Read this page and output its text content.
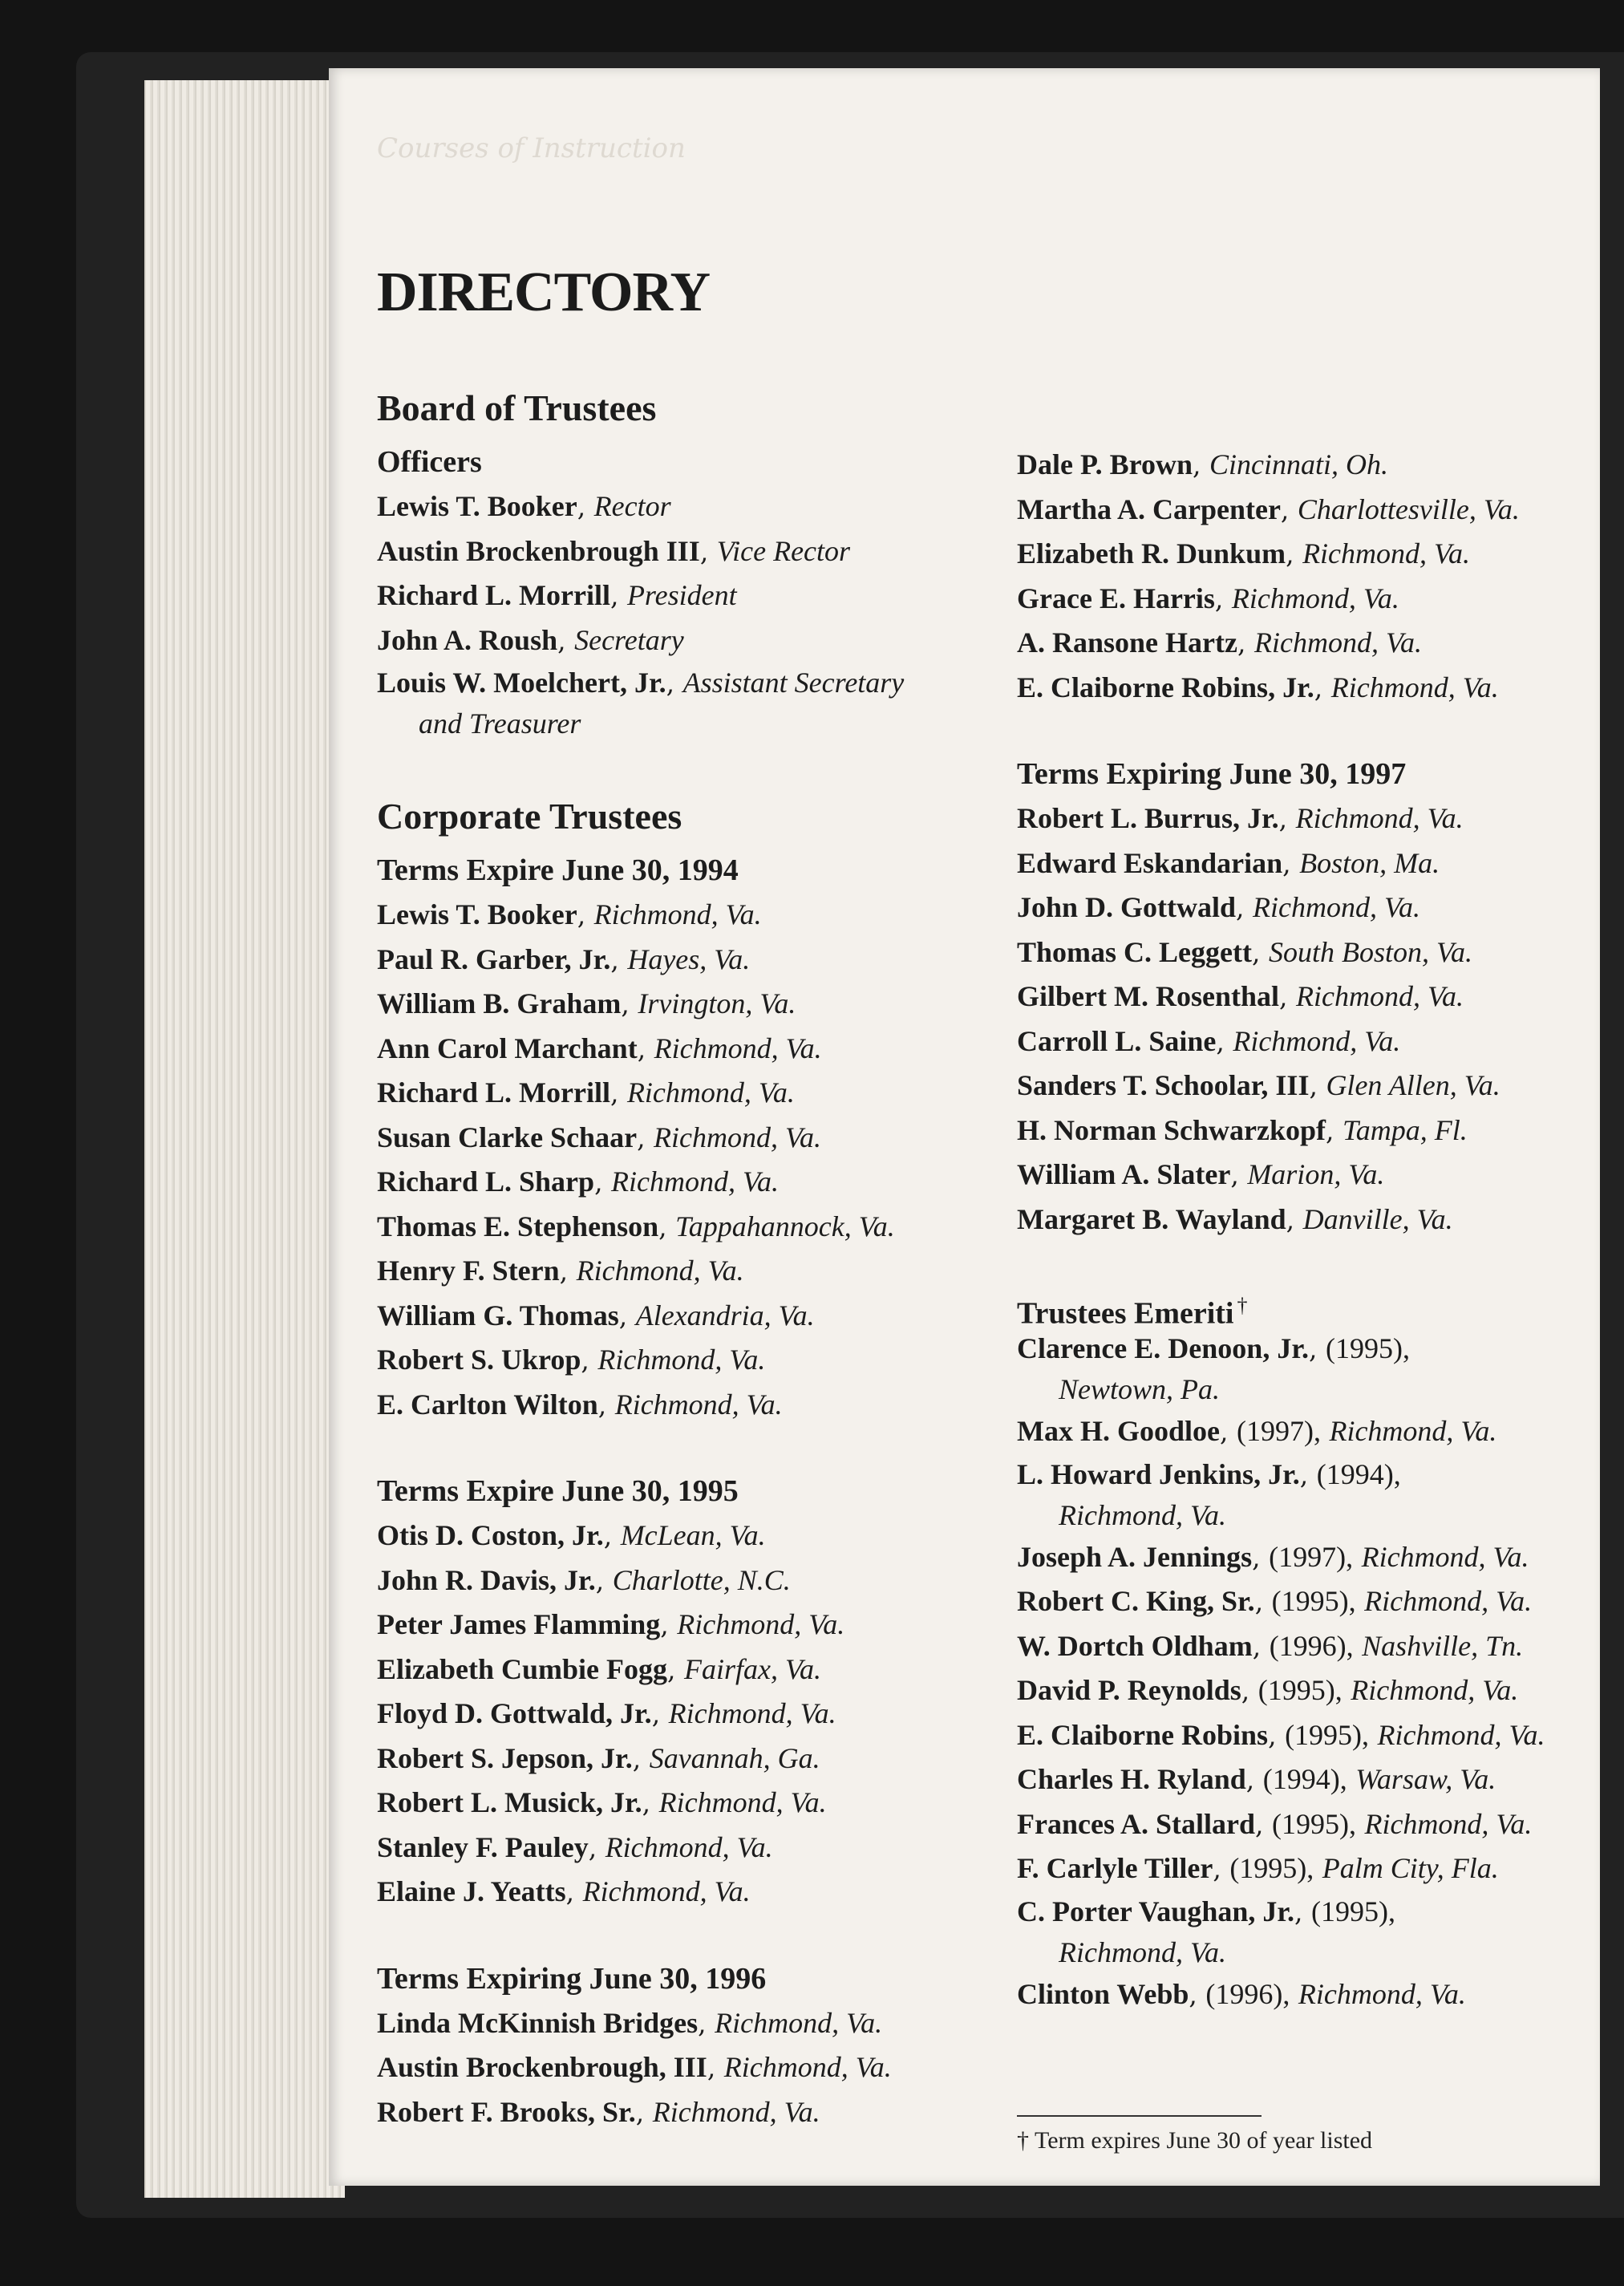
Courses of Instruction
DIRECTORY
Board of Trustees
Officers
Lewis T. Booker, Rector
Austin Brockenbrough III, Vice Rector
Richard L. Morrill, President
John A. Roush, Secretary
Louis W. Moelchert, Jr., Assistant Secretary
and Treasurer
Corporate Trustees
Terms Expire June 30, 1994
Lewis T. Booker, Richmond, Va.
Paul R. Garber, Jr., Hayes, Va.
William B. Graham, Irvington, Va.
Ann Carol Marchant, Richmond, Va.
Richard L. Morrill, Richmond, Va.
Susan Clarke Schaar, Richmond, Va.
Richard L. Sharp, Richmond, Va.
Thomas E. Stephenson, Tappahannock, Va.
Henry F. Stern, Richmond, Va.
William G. Thomas, Alexandria, Va.
Robert S. Ukrop, Richmond, Va.
E. Carlton Wilton, Richmond, Va.
Terms Expire June 30, 1995
Otis D. Coston, Jr., McLean, Va.
John R. Davis, Jr., Charlotte, N.C.
Peter James Flamming, Richmond, Va.
Elizabeth Cumbie Fogg, Fairfax, Va.
Floyd D. Gottwald, Jr., Richmond, Va.
Robert S. Jepson, Jr., Savannah, Ga.
Robert L. Musick, Jr., Richmond, Va.
Stanley F. Pauley, Richmond, Va.
Elaine J. Yeatts, Richmond, Va.
Terms Expiring June 30, 1996
Linda McKinnish Bridges, Richmond, Va.
Austin Brockenbrough, III, Richmond, Va.
Robert F. Brooks, Sr., Richmond, Va.
Dale P. Brown, Cincinnati, Oh.
Martha A. Carpenter, Charlottesville, Va.
Elizabeth R. Dunkum, Richmond, Va.
Grace E. Harris, Richmond, Va.
A. Ransone Hartz, Richmond, Va.
E. Claiborne Robins, Jr., Richmond, Va.
Terms Expiring June 30, 1997
Robert L. Burrus, Jr., Richmond, Va.
Edward Eskandarian, Boston, Ma.
John D. Gottwald, Richmond, Va.
Thomas C. Leggett, South Boston, Va.
Gilbert M. Rosenthal, Richmond, Va.
Carroll L. Saine, Richmond, Va.
Sanders T. Schoolar, III, Glen Allen, Va.
H. Norman Schwarzkopf, Tampa, Fl.
William A. Slater, Marion, Va.
Margaret B. Wayland, Danville, Va.
Trustees Emeriti †
Clarence E. Denoon, Jr., (1995),
Newtown, Pa.
Max H. Goodloe, (1997), Richmond, Va.
L. Howard Jenkins, Jr., (1994),
Richmond, Va.
Joseph A. Jennings, (1997), Richmond, Va.
Robert C. King, Sr., (1995), Richmond, Va.
W. Dortch Oldham, (1996), Nashville, Tn.
David P. Reynolds, (1995), Richmond, Va.
E. Claiborne Robins, (1995), Richmond, Va.
Charles H. Ryland, (1994), Warsaw, Va.
Frances A. Stallard, (1995), Richmond, Va.
F. Carlyle Tiller, (1995), Palm City, Fla.
C. Porter Vaughan, Jr., (1995),
Richmond, Va.
Clinton Webb, (1996), Richmond, Va.
† Term expires June 30 of year listed
